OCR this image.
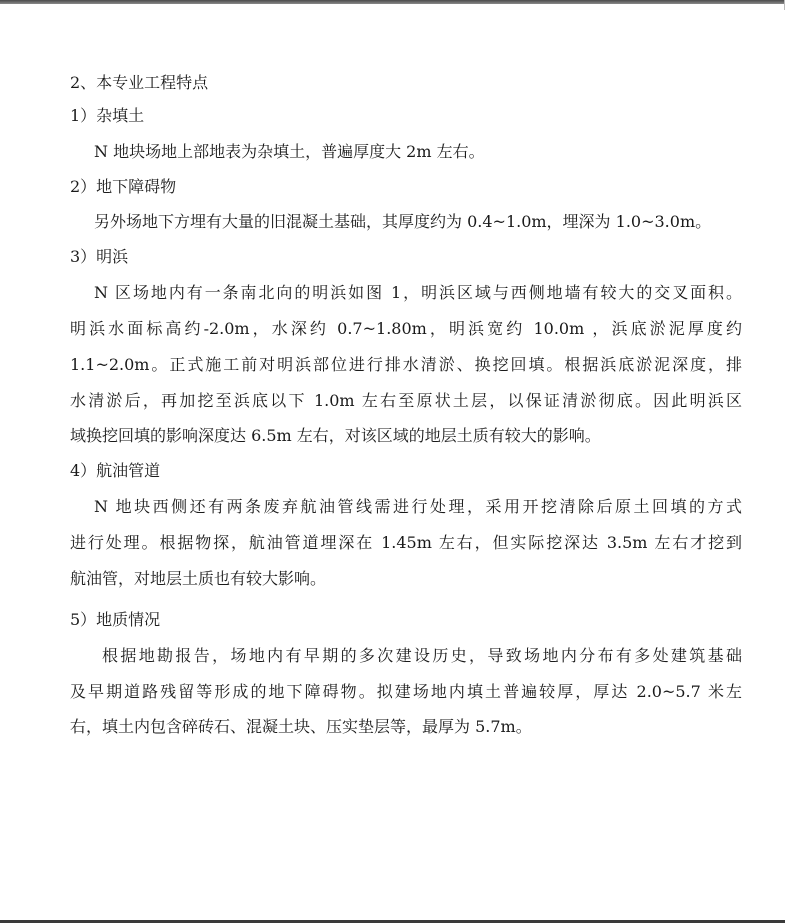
2、本专业工程特点
1）杂填土
N 地块场地上部地表为杂填土，普遍厚度大 2m 左右。
2）地下障碍物
另外场地下方埋有大量的旧混凝土基础，其厚度约为 0.4~1.0m，埋深为 1.0~3.0m。
3）明浜
N 区场地内有一条南北向的明浜如图 1，明浜区域与西侧地墙有较大的交叉面积。
明浜水面标高约-2.0m，水深约 0.7~1.80m，明浜宽约 10.0m ，浜底淤泥厚度约
1.1~2.0m。正式施工前对明浜部位进行排水清淤、换挖回填。根据浜底淤泥深度，排
水清淤后，再加挖至浜底以下 1.0m 左右至原状土层，以保证清淤彻底。因此明浜区
域换挖回填的影响深度达 6.5m 左右，对该区域的地层土质有较大的影响。
4）航油管道
N 地块西侧还有两条废弃航油管线需进行处理，采用开挖清除后原土回填的方式
进行处理。根据物探，航油管道埋深在 1.45m 左右，但实际挖深达 3.5m 左右才挖到
航油管，对地层土质也有较大影响。
5）地质情况
根据地勘报告，场地内有早期的多次建设历史，导致场地内分布有多处建筑基础
及早期道路残留等形成的地下障碍物。拟建场地内填土普遍较厚，厚达 2.0~5.7 米左
右，填土内包含碎砖石、混凝土块、压实垫层等，最厚为 5.7m。
